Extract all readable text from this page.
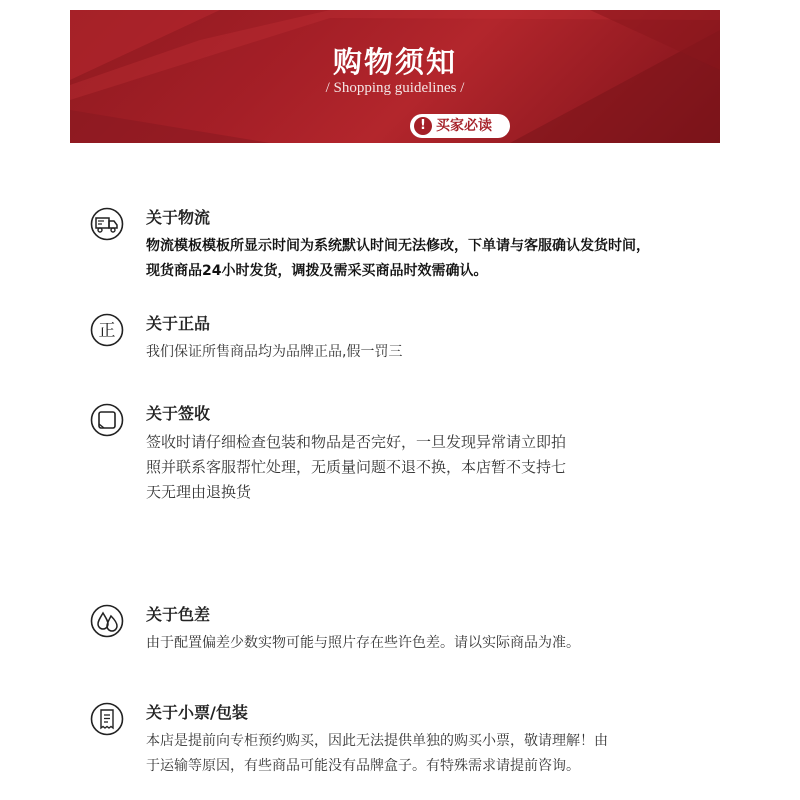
购物须知
/ Shopping guidelines /
! 买家必读
关于物流
物流模板模板所显示时间为系统默认时间无法修改，下单请与客服确认发货时间，
现货商品24小时发货，调拨及需采买商品时效需确认。
正 关于正品
我们保证所售商品均为品牌正品,假一罚三
关于签收
签收时请仔细检查包装和物品是否完好，一旦发现异常请立即拍
照并联系客服帮忙处理，无质量问题不退不换，本店暂不支持七
天无理由退换货
关于色差
由于配置偏差少数实物可能与照片存在些许色差。请以实际商品为准。
关于小票/包装
本店是提前向专柜预约购买，因此无法提供单独的购买小票，敬请理解！由
于运输等原因，有些商品可能没有品牌盒子。有特殊需求请提前咨询。
